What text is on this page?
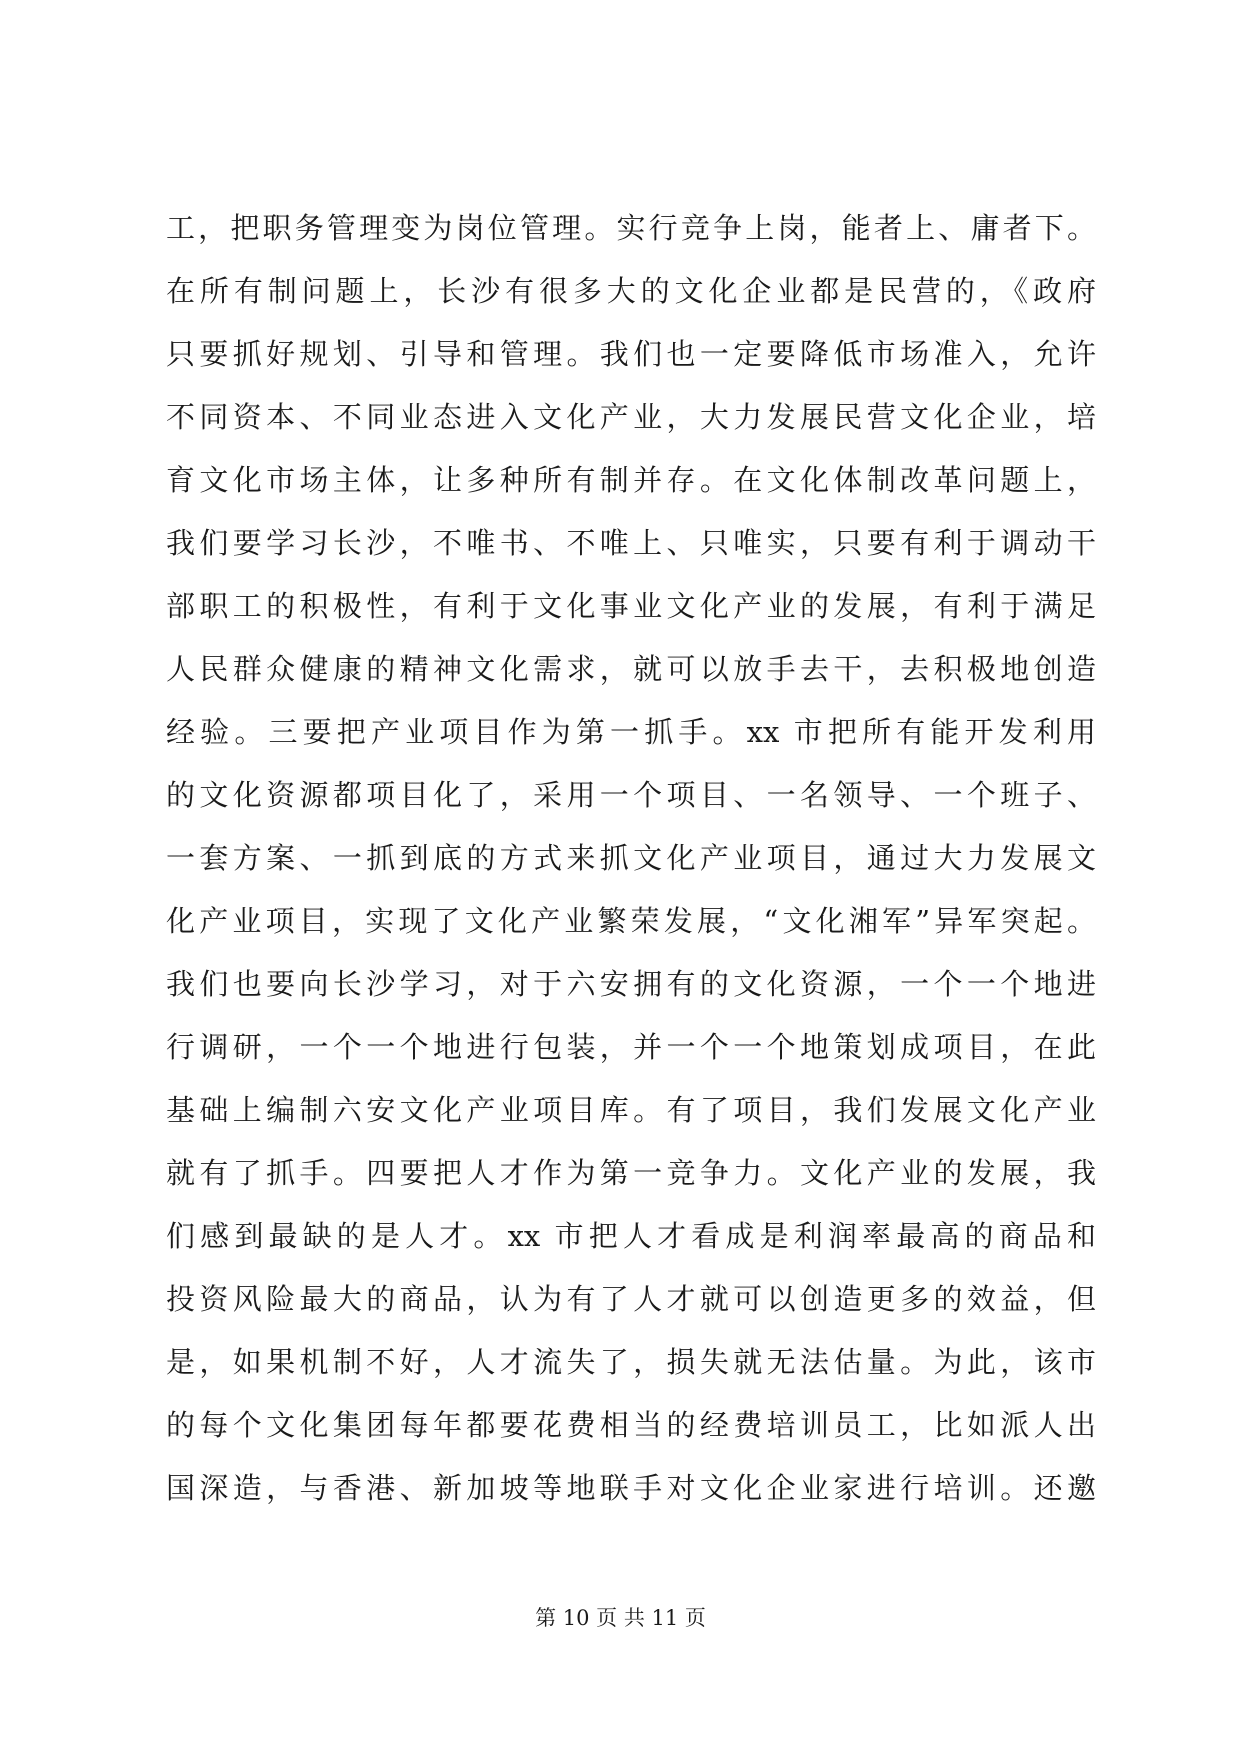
工，把职务管理变为岗位管理。实行竞争上岗，能者上、庸者下。
在所有制问题上，长沙有很多大的文化企业都是民营的，《政府
只要抓好规划、引导和管理。我们也一定要降低市场准入，允许
不同资本、不同业态进入文化产业，大力发展民营文化企业，培
育文化市场主体，让多种所有制并存。在文化体制改革问题上，
我们要学习长沙，不唯书、不唯上、只唯实，只要有利于调动干
部职工的积极性，有利于文化事业文化产业的发展，有利于满足
人民群众健康的精神文化需求，就可以放手去干，去积极地创造
经验。三要把产业项目作为第一抓手。xx 市把所有能开发利用
的文化资源都项目化了，采用一个项目、一名领导、一个班子、
一套方案、一抓到底的方式来抓文化产业项目，通过大力发展文
化产业项目，实现了文化产业繁荣发展，“文化湘军”异军突起。
我们也要向长沙学习，对于六安拥有的文化资源，一个一个地进
行调研，一个一个地进行包装，并一个一个地策划成项目，在此
基础上编制六安文化产业项目库。有了项目，我们发展文化产业
就有了抓手。四要把人才作为第一竞争力。文化产业的发展，我
们感到最缺的是人才。xx 市把人才看成是利润率最高的商品和
投资风险最大的商品，认为有了人才就可以创造更多的效益，但
是，如果机制不好，人才流失了，损失就无法估量。为此，该市
的每个文化集团每年都要花费相当的经费培训员工，比如派人出
国深造，与香港、新加坡等地联手对文化企业家进行培训。还邀
第 10 页 共 11 页
